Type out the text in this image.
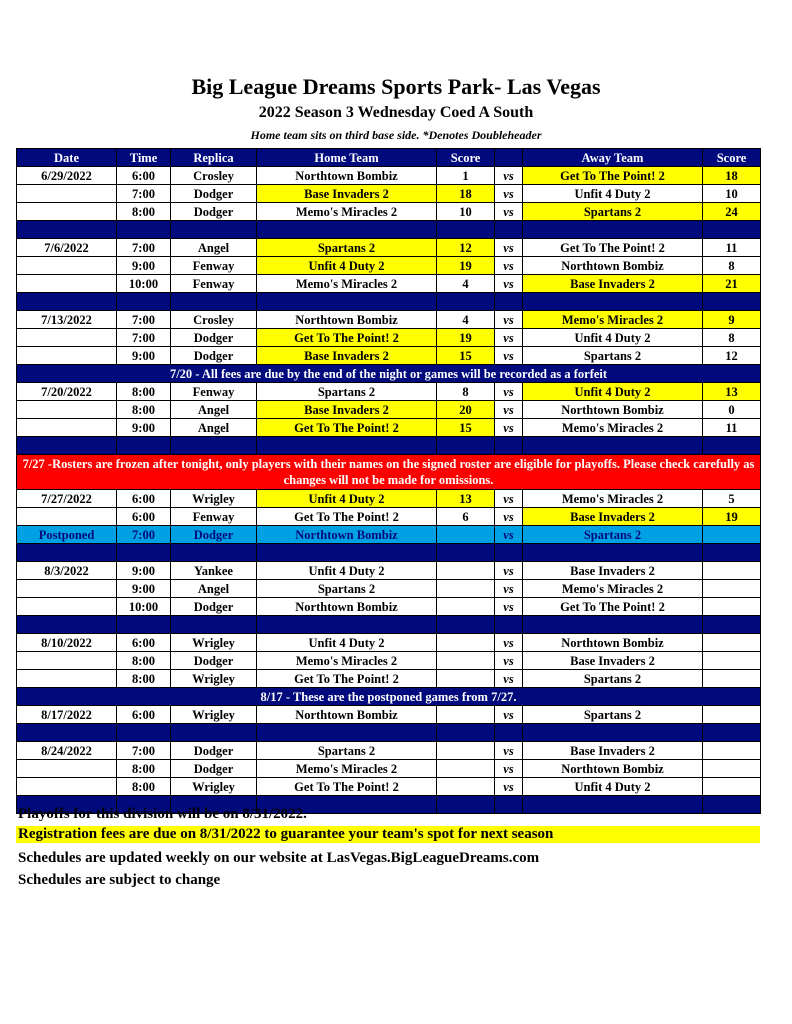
Big League Dreams Sports Park- Las Vegas
2022 Season 3 Wednesday Coed A South
Home team sits on third base side. *Denotes Doubleheader
Date	Time	Replica	Home Team	Score		Away Team	Score
6/29/2022	6:00	Crosley	Northtown Bombiz	1	vs	Get To The Point! 2	18
	7:00	Dodger	Base Invaders 2	18	vs	Unfit 4 Duty 2	10
	8:00	Dodger	Memo's Miracles 2	10	vs	Spartans 2	24

7/6/2022	7:00	Angel	Spartans 2	12	vs	Get To The Point! 2	11
	9:00	Fenway	Unfit 4 Duty 2	19	vs	Northtown Bombiz	8
	10:00	Fenway	Memo's Miracles 2	4	vs	Base Invaders 2	21

7/13/2022	7:00	Crosley	Northtown Bombiz	4	vs	Memo's Miracles 2	9
	7:00	Dodger	Get To The Point! 2	19	vs	Unfit 4 Duty 2	8
	9:00	Dodger	Base Invaders 2	15	vs	Spartans 2	12
7/20 - All fees are due by the end of the night or games will be recorded as a forfeit							
7/20/2022	8:00	Fenway	Spartans 2	8	vs	Unfit 4 Duty 2	13
	8:00	Angel	Base Invaders 2	20	vs	Northtown Bombiz	0
	9:00	Angel	Get To The Point! 2	15	vs	Memo's Miracles 2	11

7/27 -Rosters are frozen after tonight, only players with their names on the signed roster are eligible for playoffs. Please check carefully as changes will not be made for omissions.							
7/27/2022	6:00	Wrigley	Unfit 4 Duty 2	13	vs	Memo's Miracles 2	5
	6:00	Fenway	Get To The Point! 2	6	vs	Base Invaders 2	19
Postponed	7:00	Dodger	Northtown Bombiz		vs	Spartans 2	

8/3/2022	9:00	Yankee	Unfit 4 Duty 2		vs	Base Invaders 2	
	9:00	Angel	Spartans 2		vs	Memo's Miracles 2	
	10:00	Dodger	Northtown Bombiz		vs	Get To The Point! 2	

8/10/2022	6:00	Wrigley	Unfit 4 Duty 2		vs	Northtown Bombiz	
	8:00	Dodger	Memo's Miracles 2		vs	Base Invaders 2	
	8:00	Wrigley	Get To The Point! 2		vs	Spartans 2	
8/17 - These are the postponed games from 7/27.							
8/17/2022	6:00	Wrigley	Northtown Bombiz		vs	Spartans 2	

8/24/2022	7:00	Dodger	Spartans 2		vs	Base Invaders 2	
	8:00	Dodger	Memo's Miracles 2		vs	Northtown Bombiz	
	8:00	Wrigley	Get To The Point! 2		vs	Unfit 4 Duty 2	

Playoffs for this division will be on 8/31/2022.
Registration fees are due on 8/31/2022 to guarantee your team's spot for next season
Schedules are updated weekly on our website at LasVegas.BigLeagueDreams.com
Schedules are subject to change
